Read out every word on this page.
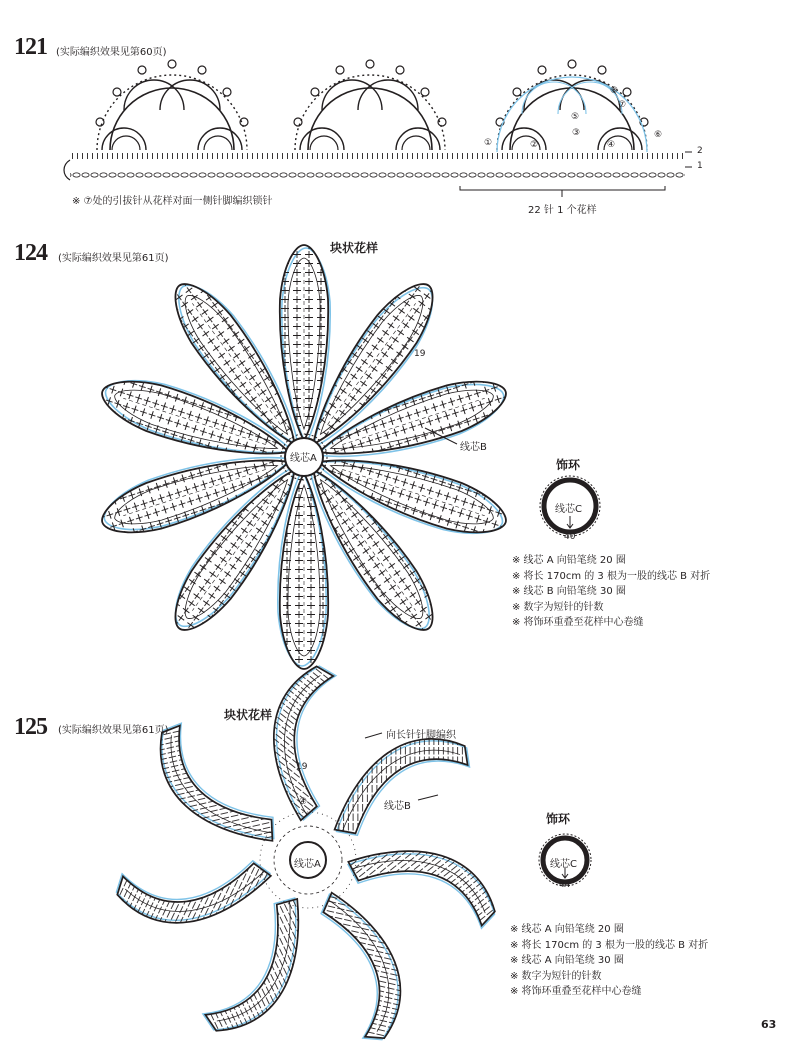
121 (实际编织效果见第60页)
※ ⑦处的引拔针从花样对面一侧针脚编织锁针
22 针 1 个花样
2
1
①	②
③
④
⑤
⑥
⑦
⑧
124 (实际编织效果见第61页)
块状花样
线芯A
线芯B
19
饰环
线芯C
40
※ 线芯 A 向铅笔绕 20 圈
※ 将长 170cm 的 3 根为一股的线芯 B 对折
※ 线芯 B 向铅笔绕 30 圈
※ 数字为短针的针数
※ 将饰环重叠至花样中心卷缝
125 (实际编织效果见第61页)
块状花样
向长针针脚编织
线芯B
19
④
线芯A
饰环
线芯C
44
※ 线芯 A 向铅笔绕 20 圈
※ 将长 170cm 的 3 根为一股的线芯 B 对折
※ 线芯 A 向铅笔绕 30 圈
※ 数字为短针的针数
※ 将饰环重叠至花样中心卷缝
63
